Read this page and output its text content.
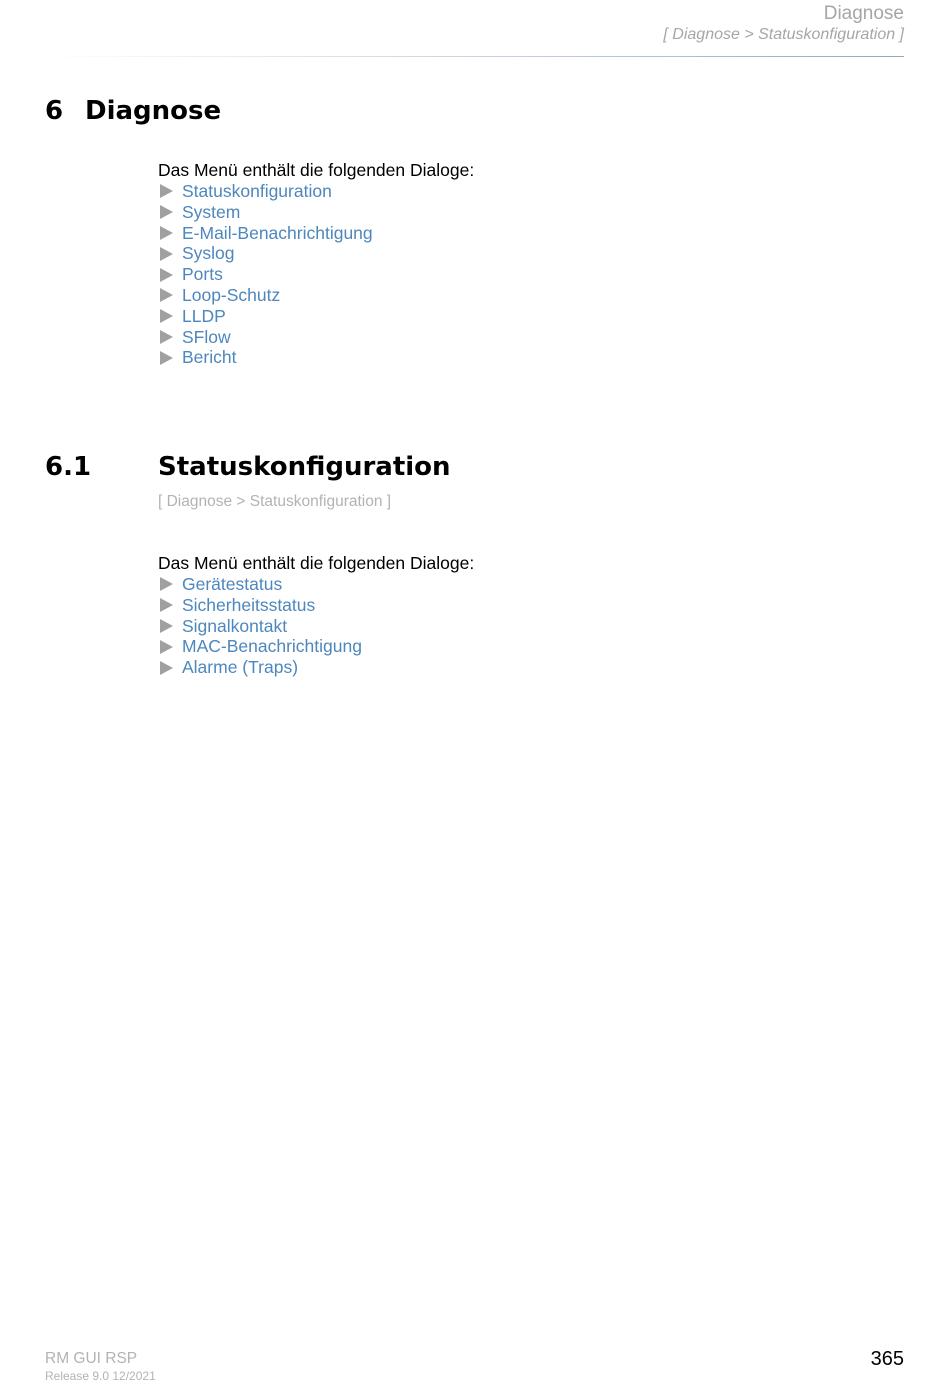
Diagnose
[ Diagnose > Statuskonfiguration ]
6 Diagnose
Das Menü enthält die folgenden Dialoge:
Statuskonfiguration
System
E-Mail-Benachrichtigung
Syslog
Ports
Loop-Schutz
LLDP
SFlow
Bericht
6.1	Statuskonfiguration
[ Diagnose > Statuskonfiguration ]
Das Menü enthält die folgenden Dialoge:
Gerätestatus
Sicherheitsstatus
Signalkontakt
MAC-Benachrichtigung
Alarme (Traps)
RM GUI RSP
Release 9.0 12/2021
365
